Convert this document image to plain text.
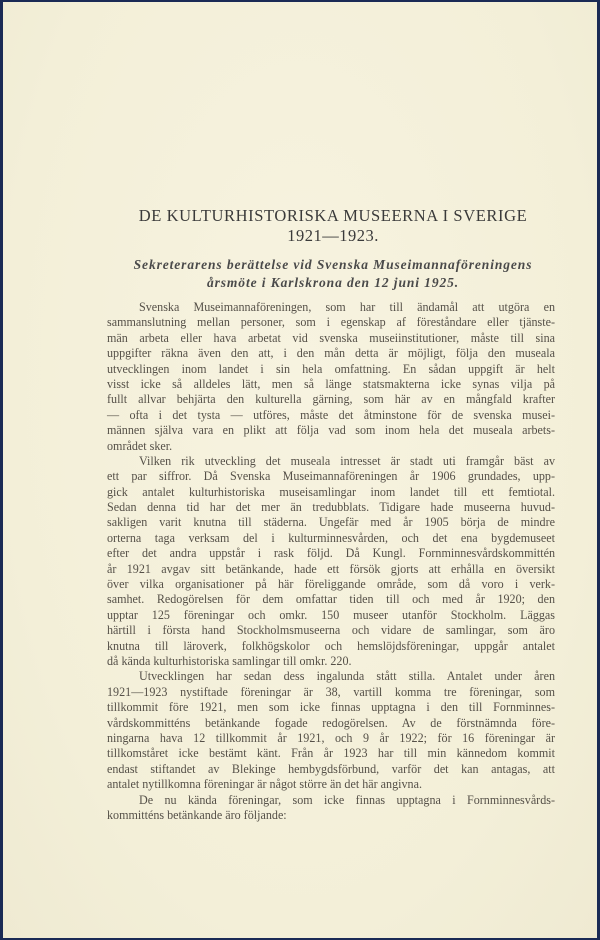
DE KULTURHISTORISKA MUSEERNA I SVERIGE
1921—1923.
Sekreterarens berättelse vid Svenska Museimannaföreningens
årsmöte i Karlskrona den 12 juni 1925.
Svenska Museimannaföreningen, som har till ändamål att utgöra en
sammanslutning mellan personer, som i egenskap af föreståndare eller tjänste-
män arbeta eller hava arbetat vid svenska museiinstitutioner, måste till sina
uppgifter räkna även den att, i den mån detta är möjligt, följa den museala
utvecklingen inom landet i sin hela omfattning. En sådan uppgift är helt
visst icke så alldeles lätt, men så länge statsmakterna icke synas vilja på
fullt allvar behjärta den kulturella gärning, som här av en mångfald krafter
— ofta i det tysta — utföres, måste det åtminstone för de svenska musei-
männen själva vara en plikt att följa vad som inom hela det museala arbets-
området sker.
Vilken rik utveckling det museala intresset är stadt uti framgår bäst av
ett par siffror. Då Svenska Museimannaföreningen år 1906 grundades, upp-
gick antalet kulturhistoriska museisamlingar inom landet till ett femtiotal.
Sedan denna tid har det mer än tredubblats. Tidigare hade museerna huvud-
sakligen varit knutna till städerna. Ungefär med år 1905 börja de mindre
orterna taga verksam del i kulturminnesvården, och det ena bygdemuseet
efter det andra uppstår i rask följd. Då Kungl. Fornminnesvårdskommittén
år 1921 avgav sitt betänkande, hade ett försök gjorts att erhålla en översikt
över vilka organisationer på här föreliggande område, som då voro i verk-
samhet. Redogörelsen för dem omfattar tiden till och med år 1920; den
upptar 125 föreningar och omkr. 150 museer utanför Stockholm. Läggas
härtill i första hand Stockholmsmuseerna och vidare de samlingar, som äro
knutna till läroverk, folkhögskolor och hemslöjdsföreningar, uppgår antalet
då kända kulturhistoriska samlingar till omkr. 220.
Utvecklingen har sedan dess ingalunda stått stilla. Antalet under åren
1921—1923 nystiftade föreningar är 38, vartill komma tre föreningar, som
tillkommit före 1921, men som icke finnas upptagna i den till Fornminnes-
vårdskommitténs betänkande fogade redogörelsen. Av de förstnämnda före-
ningarna hava 12 tillkommit år 1921, och 9 år 1922; för 16 föreningar är
tillkomståret icke bestämt känt. Från år 1923 har till min kännedom kommit
endast stiftandet av Blekinge hembygdsförbund, varför det kan antagas, att
antalet nytillkomna föreningar är något större än det här angivna.
De nu kända föreningar, som icke finnas upptagna i Fornminnesvårds-
kommitténs betänkande äro följande:
